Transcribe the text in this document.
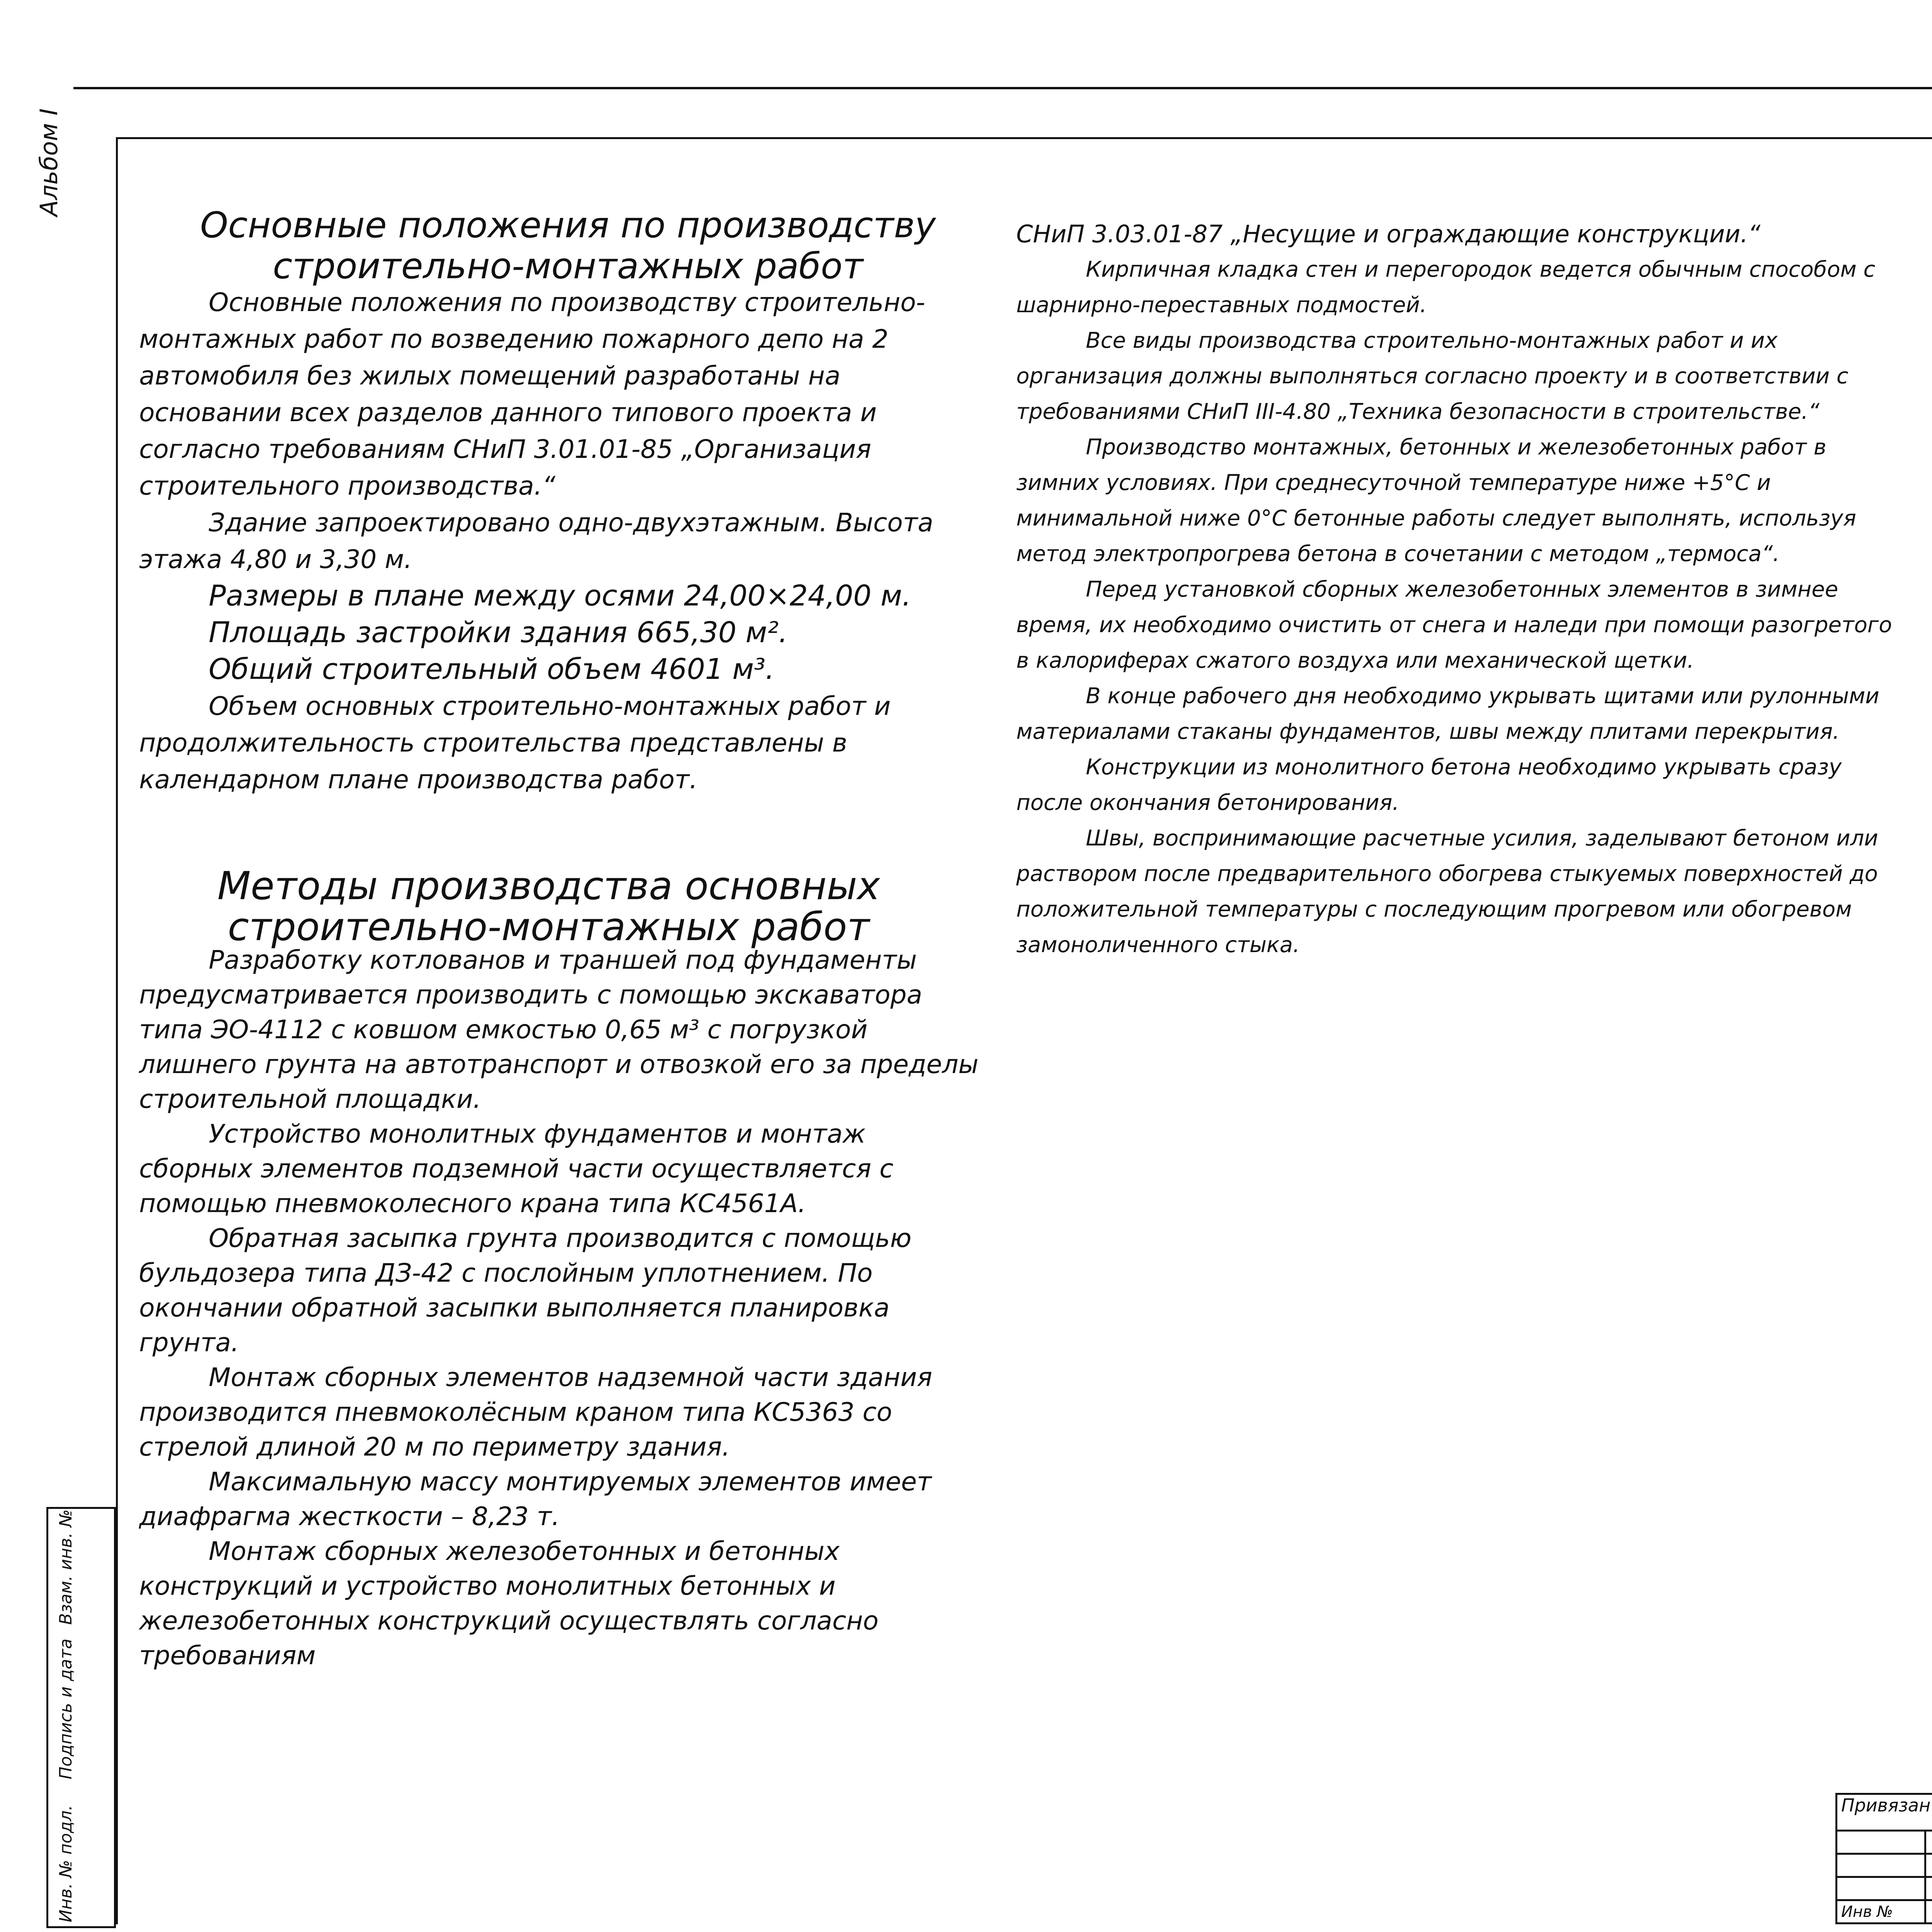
Альбом I
Инв. № подл.
Подпись и дата
Взам. инв. №
Основные положения по производству
строительно-монтажных работ

Основные положения по производству строительно-монтажных работ по возведению пожарного депо на 2 автомобиля без жилых помещений разработаны на основании всех разделов данного типового проекта и согласно требованиям СНиП 3.01.01-85 „Организация строительного производства.“

Здание запроектировано одно-двухэтажным. Высота этажа 4,80 и 3,30 м.

Размеры в плане между осями 24,00×24,00 м.

Площадь застройки здания 665,30 м².

Общий строительный объем 4601 м³.

Объем основных строительно-монтажных работ и продолжительность строительства представлены в календарном плане производства работ.

Методы производства основных
строительно-монтажных работ

Разработку котлованов и траншей под фундаменты предусматривается производить с помощью экскаватора типа ЭО-4112 с ковшом емкостью 0,65 м³ с погрузкой лишнего грунта на автотранспорт и отвозкой его за пределы строительной площадки.

Устройство монолитных фундаментов и монтаж сборных элементов подземной части осуществляется с помощью пневмоколесного крана типа КС4561А.

Обратная засыпка грунта производится с помощью бульдозера типа ДЗ-42 с послойным уплотнением. По окончании обратной засыпки выполняется планировка грунта.

Монтаж сборных элементов надземной части здания производится пневмоколёсным краном типа КС5363 со стрелой длиной 20 м по периметру здания.

Максимальную массу монтируемых элементов имеет диафрагма жесткости – 8,23 т.

Монтаж сборных железобетонных и бетонных конструкций и устройство монолитных бетонных и железобетонных конструкций осуществлять согласно требованиям

СНиП 3.03.01-87 „Несущие и ограждающие конструкции.“

Кирпичная кладка стен и перегородок ведется обычным способом с шарнирно-переставных подмостей.

Все виды производства строительно-монтажных работ и их организация должны выполняться согласно проекту и в соответствии с требованиями СНиП III-4.80 „Техника безопасности в строительстве.“

Производство монтажных, бетонных и железобетонных работ в зимних условиях. При среднесуточной температуре ниже +5°С и минимальной ниже 0°С бетонные работы следует выполнять, используя метод электропрогрева бетона в сочетании с методом „термоса“.

Перед установкой сборных железобетонных элементов в зимнее время, их необходимо очистить от снега и наледи при помощи разогретого в калориферах сжатого воздуха или механической щетки.

В конце рабочего дня необходимо укрывать щитами или рулонными материалами стаканы фундаментов, швы между плитами перекрытия.

Конструкции из монолитного бетона необходимо укрывать сразу после окончания бетонирования.

Швы, воспринимающие расчетные усилия, заделывают бетоном или раствором после предварительного обогрева стыкуемых поверхностей до положительной температуры с последующим прогревом или обогревом замоноличенного стыка.

Привязан		

Инв №		
